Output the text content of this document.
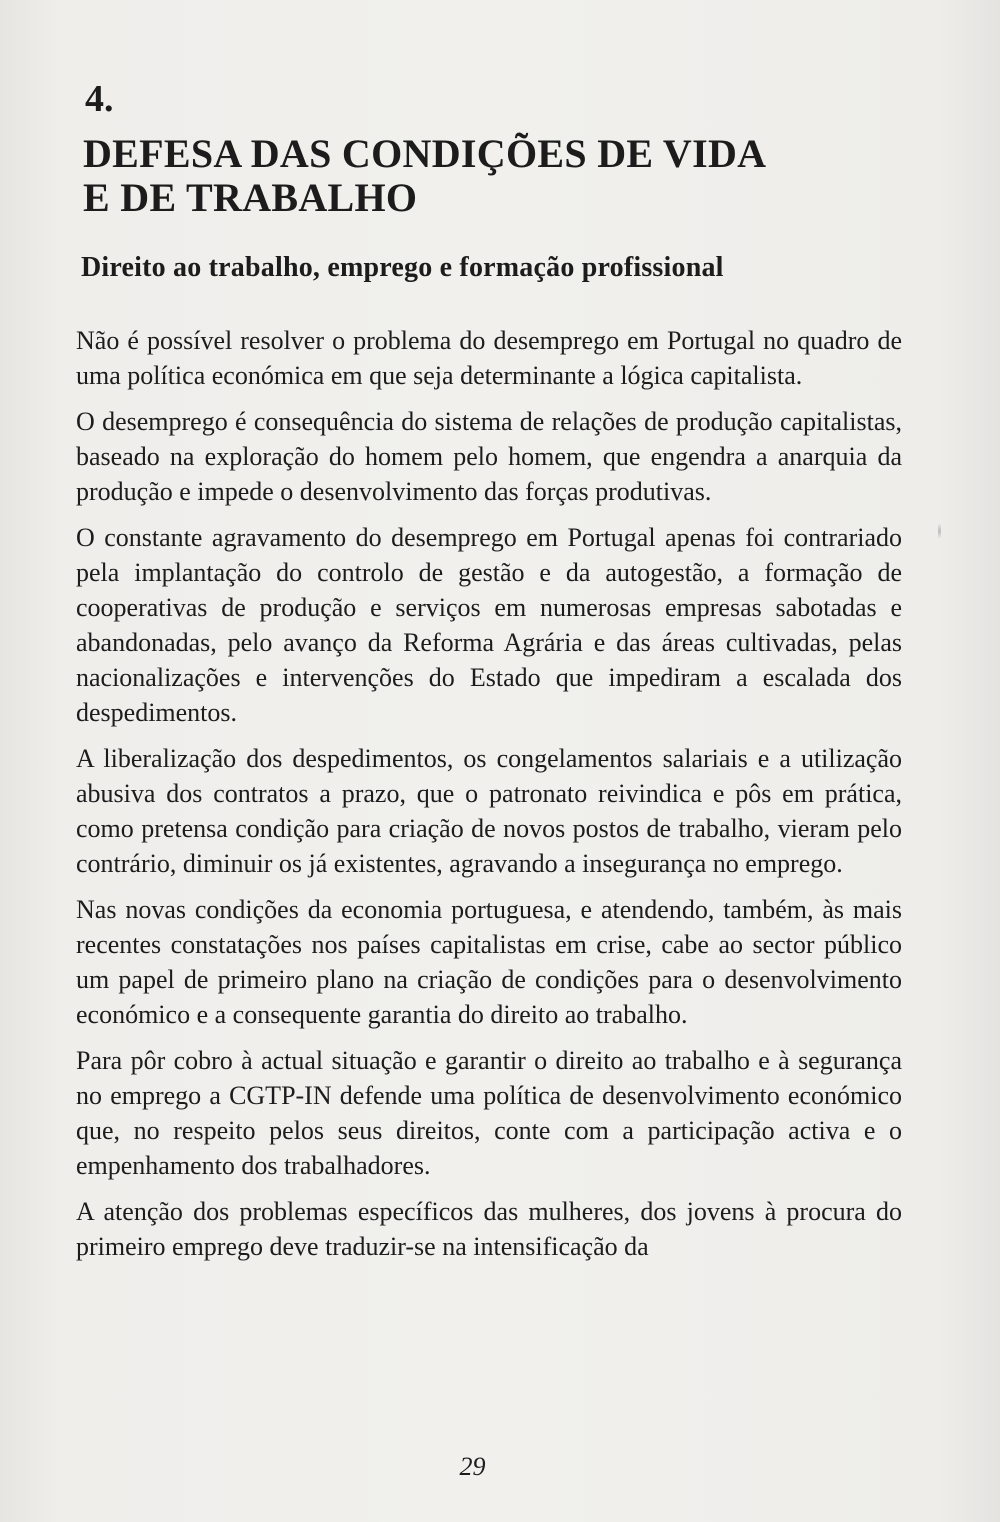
4.
DEFESA DAS CONDIÇÕES DE VIDA
E DE TRABALHO
Direito ao trabalho, emprego e formação profissional

Não é possível resolver o problema do desemprego em Portugal no quadro de uma política económica em que seja determinante a lógica capitalista.

O desemprego é consequência do sistema de relações de produção capitalistas, baseado na exploração do homem pelo homem, que engendra a anarquia da produção e impede o desenvolvimento das forças produtivas.

O constante agravamento do desemprego em Portugal apenas foi contrariado pela implantação do controlo de gestão e da autogestão, a formação de cooperativas de produção e serviços em numerosas empresas sabotadas e abandonadas, pelo avanço da Reforma Agrária e das áreas cultivadas, pelas nacionalizações e intervenções do Estado que impediram a escalada dos despedimentos.

A liberalização dos despedimentos, os congelamentos salariais e a utilização abusiva dos contratos a prazo, que o patronato reivindica e pôs em prática, como pretensa condição para criação de novos postos de trabalho, vieram pelo contrário, diminuir os já existentes, agravando a insegurança no emprego.

Nas novas condições da economia portuguesa, e atendendo, também, às mais recentes constatações nos países capitalistas em crise, cabe ao sector público um papel de primeiro plano na criação de condições para o desenvolvimento económico e a consequente garantia do direito ao trabalho.

Para pôr cobro à actual situação e garantir o direito ao trabalho e à segurança no emprego a CGTP-IN defende uma política de desenvolvimento económico que, no respeito pelos seus direitos, conte com a participação activa e o empenhamento dos trabalhadores.

A atenção dos problemas específicos das mulheres, dos jovens à procura do primeiro emprego deve traduzir-se na intensificação da

29
